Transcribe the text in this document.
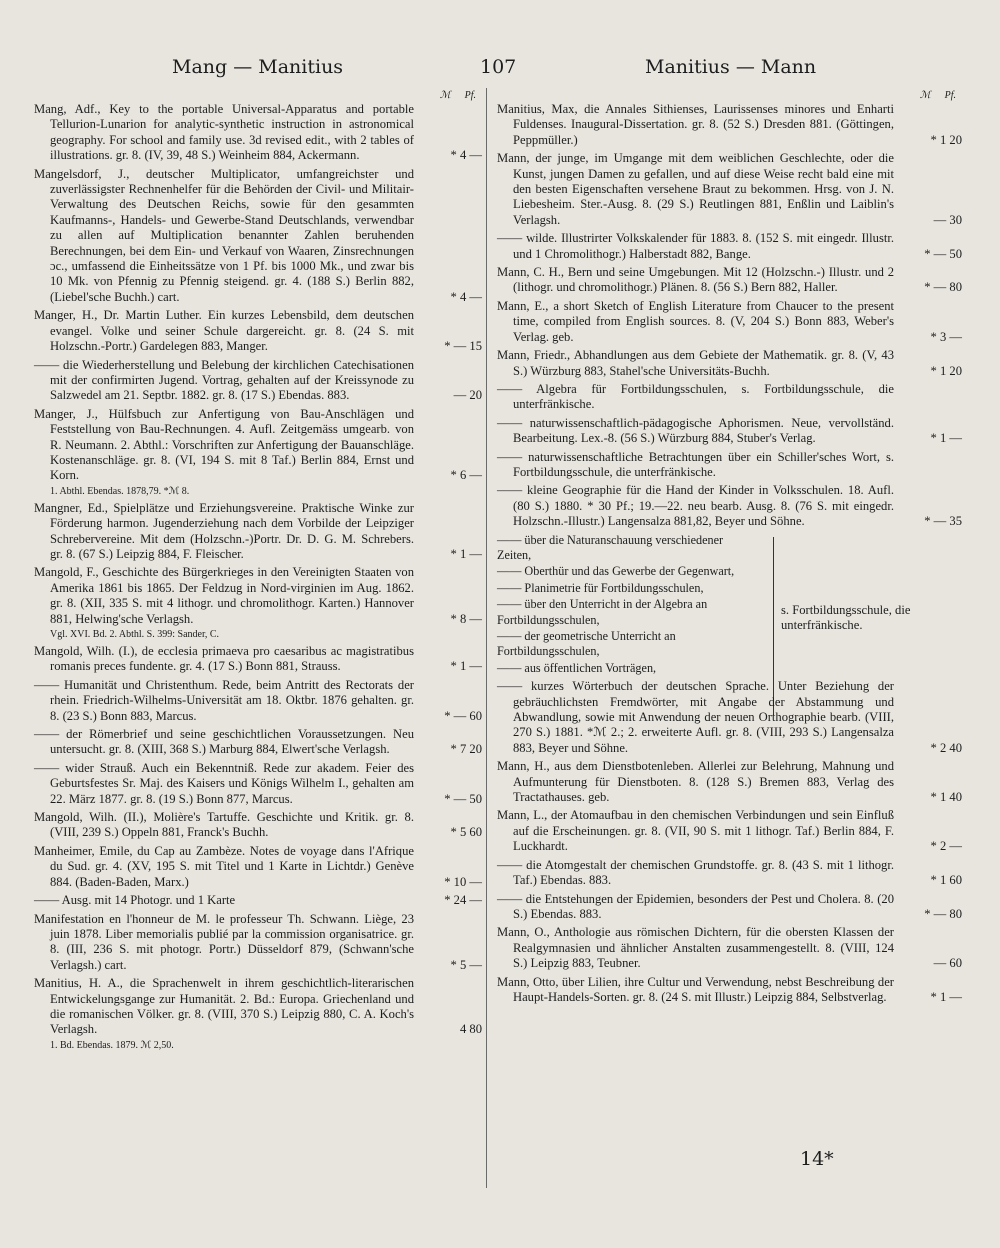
Mang — Manitius	107	Manitius — Mann
ℳ Pf.
Mang, Adf., Key to the portable Universal-Apparatus and portable Tellurion-Lunarion for analytic-synthetic instruction in astronomical geography. For school and family use. 3d revised edit., with 2 tables of illustrations. gr. 8. (IV, 39, 48 S.) Weinheim 884, Ackermann.	* 4 —
Mangelsdorf, J., deutscher Multiplicator, umfangreichster und zuverlässigster Rechnenhelfer für die Behörden der Civil- und Militair-Verwaltung des Deutschen Reichs, sowie für den gesammten Kaufmanns-, Handels- und Gewerbe-Stand Deutschlands, verwendbar zu allen auf Multiplication benannter Zahlen beruhenden Berechnungen, bei dem Ein- und Verkauf von Waaren, Zinsrechnungen ɔc., umfassend die Einheitssätze von 1 Pf. bis 1000 Mk., und zwar bis 10 Mk. von Pfennig zu Pfennig steigend. gr. 4. (188 S.) Berlin 882, (Liebel'sche Buchh.) cart.	* 4 —
Manger, H., Dr. Martin Luther. Ein kurzes Lebensbild, dem deutschen evangel. Volke und seiner Schule dargereicht. gr. 8. (24 S. mit Holzschn.-Portr.) Gardelegen 883, Manger.	* — 15
—— die Wiederherstellung und Belebung der kirchlichen Catechisationen mit der confirmirten Jugend. Vortrag, gehalten auf der Kreissynode zu Salzwedel am 21. Septbr. 1882. gr. 8. (17 S.) Ebendas. 883.	— 20
Manger, J., Hülfsbuch zur Anfertigung von Bau-Anschlägen und Feststellung von Bau-Rechnungen. 4. Aufl. Zeitgemäss umgearb. von R. Neumann. 2. Abthl.: Vorschriften zur Anfertigung der Bauanschläge. Kostenanschläge. gr. 8. (VI, 194 S. mit 8 Taf.) Berlin 884, Ernst und Korn.	* 6 —
1. Abthl. Ebendas. 1878,79. *ℳ 8.
Mangner, Ed., Spielplätze und Erziehungsvereine. Praktische Winke zur Förderung harmon. Jugenderziehung nach dem Vorbilde der Leipziger Schrebervereine. Mit dem (Holzschn.-)Portr. Dr. D. G. M. Schrebers. gr. 8. (67 S.) Leipzig 884, F. Fleischer.	* 1 —
Mangold, F., Geschichte des Bürgerkrieges in den Vereinigten Staaten von Amerika 1861 bis 1865. Der Feldzug in Nord-virginien im Aug. 1862. gr. 8. (XII, 335 S. mit 4 lithogr. und chromolithogr. Karten.) Hannover 881, Helwing'sche Verlagsh.	* 8 —
Vgl. XVI. Bd. 2. Abthl. S. 399: Sander, C.
Mangold, Wilh. (I.), de ecclesia primaeva pro caesaribus ac magistratibus romanis preces fundente. gr. 4. (17 S.) Bonn 881, Strauss.	* 1 —
—— Humanität und Christenthum. Rede, beim Antritt des Rectorats der rhein. Friedrich-Wilhelms-Universität am 18. Oktbr. 1876 gehalten. gr. 8. (23 S.) Bonn 883, Marcus.	* — 60
—— der Römerbrief und seine geschichtlichen Voraussetzungen. Neu untersucht. gr. 8. (XIII, 368 S.) Marburg 884, Elwert'sche Verlagsh.	* 7 20
—— wider Strauß. Auch ein Bekenntniß. Rede zur akadem. Feier des Geburtsfestes Sr. Maj. des Kaisers und Königs Wilhelm I., gehalten am 22. März 1877. gr. 8. (19 S.) Bonn 877, Marcus.	* — 50
Mangold, Wilh. (II.), Molière's Tartuffe. Geschichte und Kritik. gr. 8. (VIII, 239 S.) Oppeln 881, Franck's Buchh.	* 5 60
Manheimer, Emile, du Cap au Zambèze. Notes de voyage dans l'Afrique du Sud. gr. 4. (XV, 195 S. mit Titel und 1 Karte in Lichtdr.) Genève 884. (Baden-Baden, Marx.)	* 10 —
—— Ausg. mit 14 Photogr. und 1 Karte	* 24 —
Manifestation en l'honneur de M. le professeur Th. Schwann. Liège, 23 juin 1878. Liber memorialis publié par la commission organisatrice. gr. 8. (III, 236 S. mit photogr. Portr.) Düsseldorf 879, (Schwann'sche Verlagsh.) cart.	* 5 —
Manitius, H. A., die Sprachenwelt in ihrem geschichtlich-literarischen Entwickelungsgange zur Humanität. 2. Bd.: Europa. Griechenland und die romanischen Völker. gr. 8. (VIII, 370 S.) Leipzig 880, C. A. Koch's Verlagsh.	4 80
1. Bd. Ebendas. 1879. ℳ 2,50.
ℳ Pf.
Manitius, Max, die Annales Sithienses, Laurissenses minores und Enharti Fuldenses. Inaugural-Dissertation. gr. 8. (52 S.) Dresden 881. (Göttingen, Peppmüller.)	* 1 20
Mann, der junge, im Umgange mit dem weiblichen Geschlechte, oder die Kunst, jungen Damen zu gefallen, und auf diese Weise recht bald eine mit den besten Eigenschaften versehene Braut zu bekommen. Hrsg. von J. N. Liebesheim. Ster.-Ausg. 8. (29 S.) Reutlingen 881, Enßlin und Laiblin's Verlagsh.	— 30
—— wilde. Illustrirter Volkskalender für 1883. 8. (152 S. mit eingedr. Illustr. und 1 Chromolithogr.) Halberstadt 882, Bange.	* — 50
Mann, C. H., Bern und seine Umgebungen. Mit 12 (Holzschn.-) Illustr. und 2 (lithogr. und chromolithogr.) Plänen. 8. (56 S.) Bern 882, Haller.	* — 80
Mann, E., a short Sketch of English Literature from Chaucer to the present time, compiled from English sources. 8. (V, 204 S.) Bonn 883, Weber's Verlag. geb.	* 3 —
Mann, Friedr., Abhandlungen aus dem Gebiete der Mathematik. gr. 8. (V, 43 S.) Würzburg 883, Stahel'sche Universitäts-Buchh.	* 1 20
—— Algebra für Fortbildungsschulen, s. Fortbildungsschule, die unterfränkische.
—— naturwissenschaftlich-pädagogische Aphorismen. Neue, vervollständ. Bearbeitung. Lex.-8. (56 S.) Würzburg 884, Stuber's Verlag.	* 1 —
—— naturwissenschaftliche Betrachtungen über ein Schiller'sches Wort, s. Fortbildungsschule, die unterfränkische.
—— kleine Geographie für die Hand der Kinder in Volksschulen. 18. Aufl. (80 S.) 1880. * 30 Pf.; 19.—22. neu bearb. Ausg. 8. (76 S. mit eingedr. Holzschn.-Illustr.) Langensalza 881,82, Beyer und Söhne.	* — 35
—— über die Naturanschauung verschiedener Zeiten,
—— Oberthür und das Gewerbe der Gegenwart,
—— Planimetrie für Fortbildungsschulen,
—— über den Unterricht in der Algebra an Fortbildungsschulen,
—— der geometrische Unterricht an Fortbildungsschulen,
—— aus öffentlichen Vorträgen,
s. Fortbildungsschule, die unterfränkische.
—— kurzes Wörterbuch der deutschen Sprache. Unter Beziehung der gebräuchlichsten Fremdwörter, mit Angabe der Abstammung und Abwandlung, sowie mit Anwendung der neuen Orthographie bearb. (VIII, 270 S.) 1881. *ℳ 2.; 2. erweiterte Aufl. gr. 8. (VIII, 293 S.) Langensalza 883, Beyer und Söhne.	* 2 40
Mann, H., aus dem Dienstbotenleben. Allerlei zur Belehrung, Mahnung und Aufmunterung für Dienstboten. 8. (128 S.) Bremen 883, Verlag des Tractathauses. geb.	* 1 40
Mann, L., der Atomaufbau in den chemischen Verbindungen und sein Einfluß auf die Erscheinungen. gr. 8. (VII, 90 S. mit 1 lithogr. Taf.) Berlin 884, F. Luckhardt.	* 2 —
—— die Atomgestalt der chemischen Grundstoffe. gr. 8. (43 S. mit 1 lithogr. Taf.) Ebendas. 883.	* 1 60
—— die Entstehungen der Epidemien, besonders der Pest und Cholera. 8. (20 S.) Ebendas. 883.	* — 80
Mann, O., Anthologie aus römischen Dichtern, für die obersten Klassen der Realgymnasien und ähnlicher Anstalten zusammengestellt. 8. (VIII, 124 S.) Leipzig 883, Teubner.	— 60
Mann, Otto, über Lilien, ihre Cultur und Verwendung, nebst Beschreibung der Haupt-Handels-Sorten. gr. 8. (24 S. mit Illustr.) Leipzig 884, Selbstverlag.	* 1 —
14*
